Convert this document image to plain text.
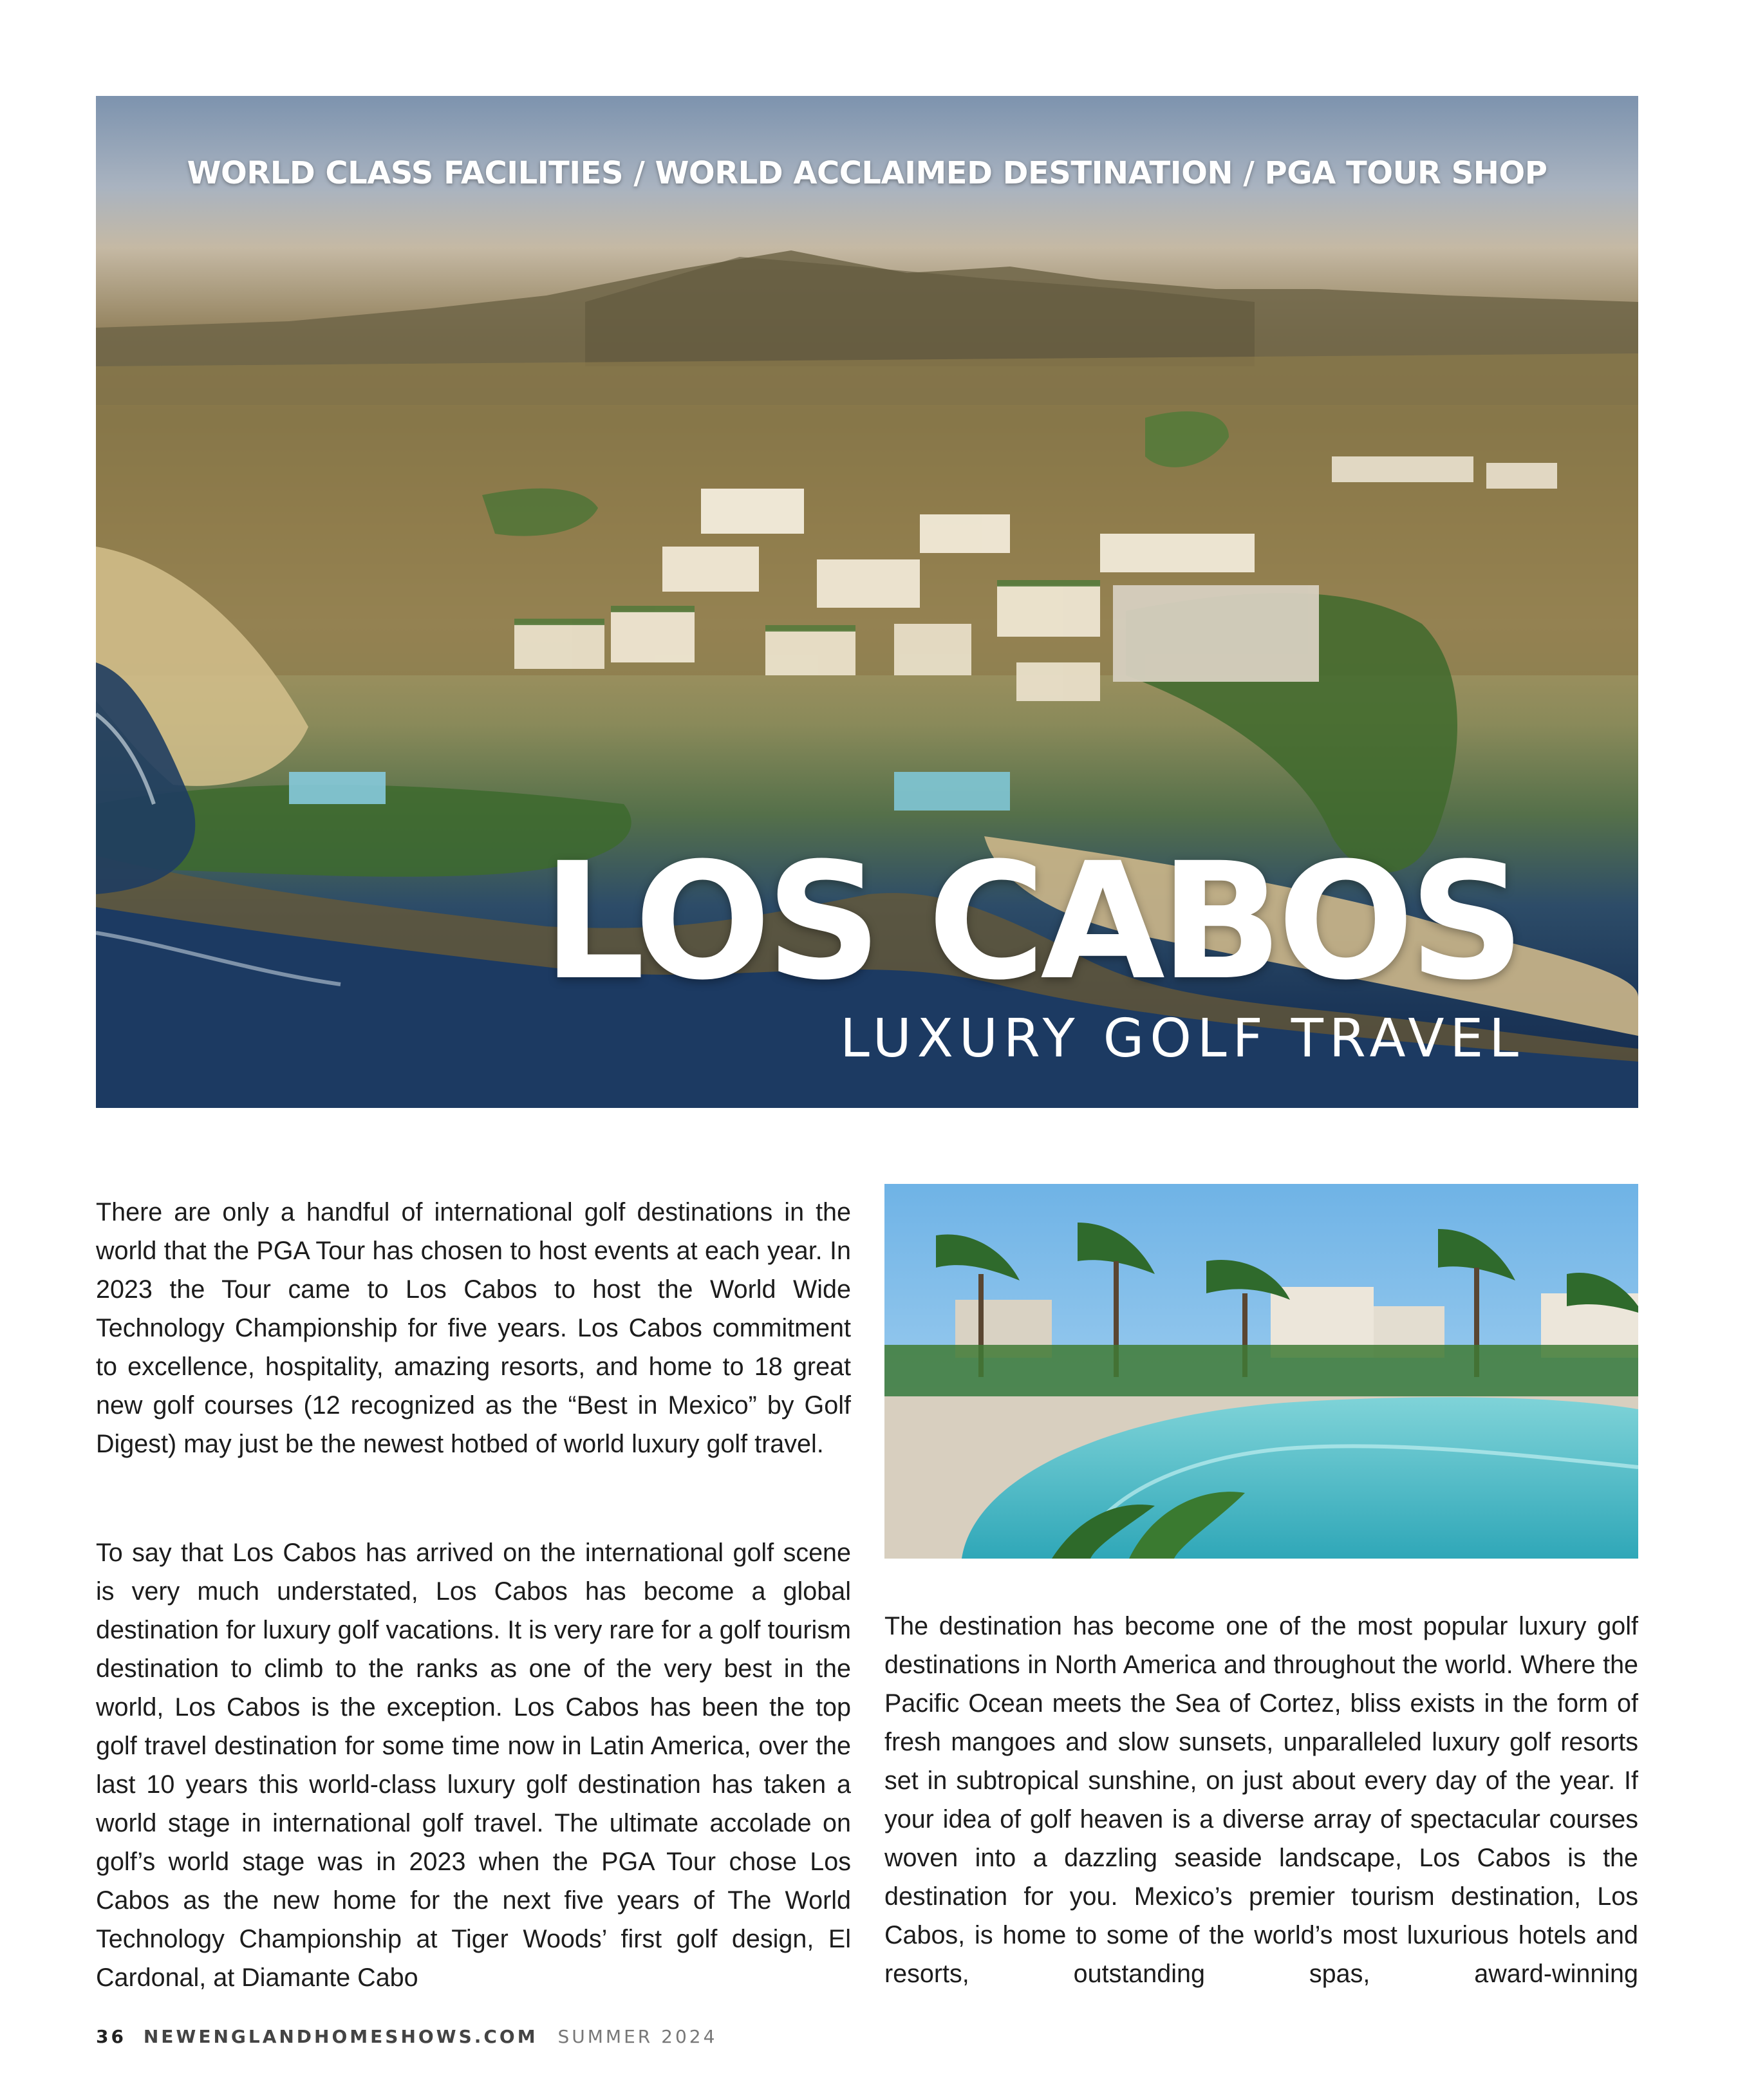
WORLD CLASS FACILITIES / WORLD ACCLAIMED DESTINATION / PGA TOUR SHOP
LOS CABOS
LUXURY GOLF TRAVEL

There are only a handful of international golf destinations in the world that the PGA Tour has chosen to host events at each year. In 2023 the Tour came to Los Cabos to host the World Wide Technology Championship for five years. Los Cabos commitment to excellence, hospitality, amazing resorts, and home to 18 great new golf courses (12 recognized as the “Best in Mexico” by Golf Digest) may just be the newest hotbed of world luxury golf travel.

To say that Los Cabos has arrived on the international golf scene is very much understated, Los Cabos has become a global destination for luxury golf vacations. It is very rare for a golf tourism destination to climb to the ranks as one of the very best in the world, Los Cabos is the exception. Los Cabos has been the top golf travel destination for some time now in Latin America, over the last 10 years this world-class luxury golf destination has taken a world stage in international golf travel. The ultimate accolade on golf’s world stage was in 2023 when the PGA Tour chose Los Cabos as the new home for the next five years of The World Technology Championship at Tiger Woods’ first golf design, El Cardonal, at Diamante Cabo

The destination has become one of the most popular luxury golf destinations in North America and throughout the world. Where the Pacific Ocean meets the Sea of Cortez, bliss exists in the form of fresh mangoes and slow sunsets, unparalleled luxury golf resorts set in subtropical sunshine, on just about every day of the year. If your idea of golf heaven is a diverse array of spectacular courses woven into a dazzling seaside landscape, Los Cabos is the destination for you. Mexico’s premier tourism destination, Los Cabos, is home to some of the world’s most luxurious hotels and resorts, outstanding spas, award-winning

36 NEWENGLANDHOMESHOWS.COM SUMMER 2024
